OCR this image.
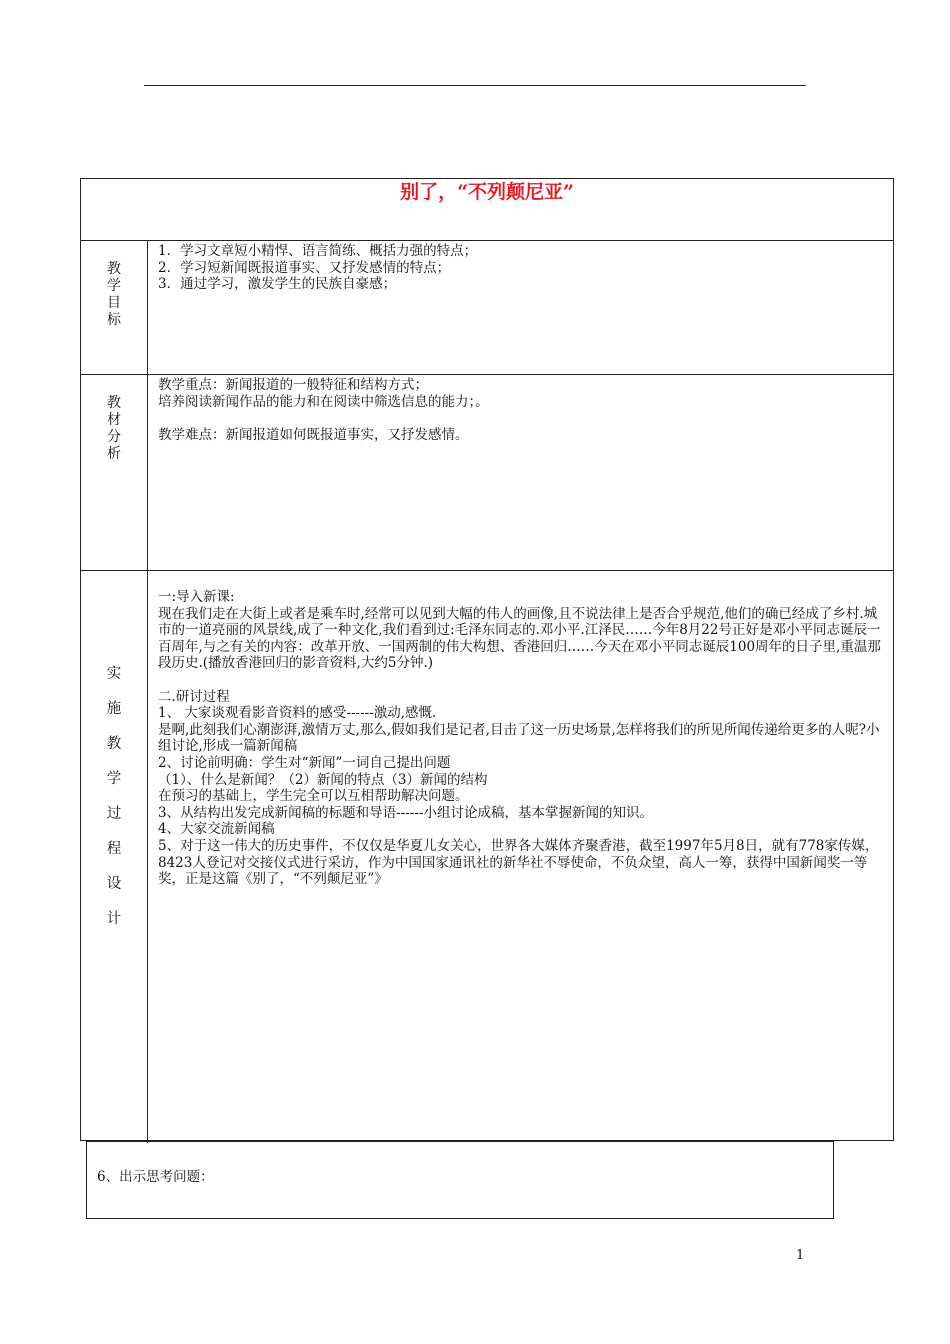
别了，“不列颠尼亚”
教
学
目
标

1．学习文章短小精悍、语言简练、概括力强的特点；

2．学习短新闻既报道事实、又抒发感情的特点；

3．通过学习，激发学生的民族自豪感；

教
材
分
析

教学重点：新闻报道的一般特征和结构方式；

培养阅读新闻作品的能力和在阅读中筛选信息的能力；。

教学难点：新闻报道如何既报道事实，又抒发感情。

实
施
教
学
过
程
设
计

一:导入新课:

现在我们走在大街上或者是乘车时,经常可以见到大幅的伟人的画像,且不说法律上是否合乎规范,他们的确已经成了乡村.城市的一道亮丽的风景线,成了一种文化,我们看到过:毛泽东同志的.邓小平.江泽民……今年8月22号正好是邓小平同志诞辰一百周年,与之有关的内容：改革开放、一国两制的伟大构想、香港回归……今天在邓小平同志诞辰100周年的日子里,重温那段历史.(播放香港回归的影音资料,大约5分钟.)

二.研讨过程

1、 大家谈观看影音资料的感受------激动,感慨.

是啊,此刻我们心潮澎湃,激情万丈,那么,假如我们是记者,目击了这一历史场景,怎样将我们的所见所闻传递给更多的人呢?小组讨论,形成一篇新闻稿

2、讨论前明确：学生对“新闻”一词自己提出问题

（1）、什么是新闻？（2）新闻的特点（3）新闻的结构

在预习的基础上，学生完全可以互相帮助解决问题。

3、从结构出发完成新闻稿的标题和导语------小组讨论成稿，基本掌握新闻的知识。

4、大家交流新闻稿

5、对于这一伟大的历史事件，不仅仅是华夏儿女关心，世界各大媒体齐聚香港，截至1997年5月8日，就有778家传媒，8423人登记对交接仪式进行采访，作为中国国家通讯社的新华社不辱使命，不负众望，高人一筹，获得中国新闻奖一等奖，正是这篇《别了，“不列颠尼亚”》

6、出示思考问题：

1
